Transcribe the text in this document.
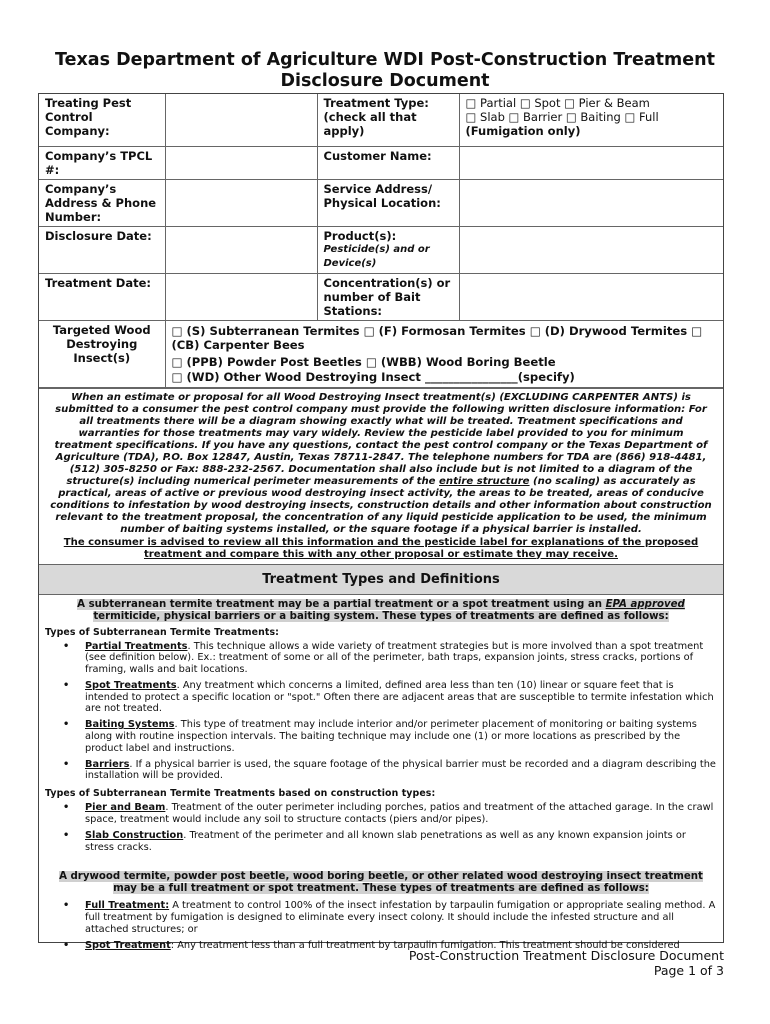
Texas Department of Agriculture WDI Post-Construction Treatment Disclosure Document
Treating Pest Control Company:		Treatment Type: (check all that apply)	□ Partial □ Spot □ Pier & Beam
□ Slab □ Barrier □ Baiting □ Full
(Fumigation only)

Company’s TPCL #:		Customer Name:	
Company’s Address & Phone Number:		Service Address/ Physical Location:	
Disclosure Date:		Product(s):
Pesticide(s) and or Device(s)	

Treatment Date:		Concentration(s) or number of Bait Stations:	
Targeted Wood Destroying Insect(s)	□ (S) Subterranean Termites □ (F) Formosan Termites □ (D) Drywood Termites □ (CB) Carpenter Bees
□ (PPB) Powder Post Beetles □ (WBB) Wood Boring Beetle
□ (WD) Other Wood Destroying Insect ________________(specify)		
When an estimate or proposal for all Wood Destroying Insect treatment(s) (EXCLUDING CARPENTER ANTS) is submitted to a consumer the pest control company must provide the following written disclosure information: For all treatments there will be a diagram showing exactly what will be treated. Treatment specifications and warranties for those treatments may vary widely. Review the pesticide label provided to you for minimum treatment specifications. If you have any questions, contact the pest control company or the Texas Department of Agriculture (TDA), P.O. Box 12847, Austin, Texas 78711-2847. The telephone numbers for TDA are (866) 918-4481, (512) 305-8250 or Fax: 888-232-2567. Documentation shall also include but is not limited to a diagram of the structure(s) including numerical perimeter measurements of the entire structure (no scaling) as accurately as practical, areas of active or previous wood destroying insect activity, the areas to be treated, areas of conducive conditions to infestation by wood destroying insects, construction details and other information about construction relevant to the treatment proposal, the concentration of any liquid pesticide application to be used, the minimum number of baiting systems installed, or the square footage if a physical barrier is installed.
The consumer is advised to review all this information and the pesticide label for explanations of the proposed treatment and compare this with any other proposal or estimate they may receive.
Treatment Types and Definitions
A subterranean termite treatment may be a partial treatment or a spot treatment using an EPA approved termiticide, physical barriers or a baiting system. These types of treatments are defined as follows:
Types of Subterranean Termite Treatments:
• Partial Treatments. This technique allows a wide variety of treatment strategies but is more involved than a spot treatment (see definition below). Ex.: treatment of some or all of the perimeter, bath traps, expansion joints, stress cracks, portions of framing, walls and bait locations.
• Spot Treatments. Any treatment which concerns a limited, defined area less than ten (10) linear or square feet that is intended to protect a specific location or "spot." Often there are adjacent areas that are susceptible to termite infestation which are not treated.
• Baiting Systems. This type of treatment may include interior and/or perimeter placement of monitoring or baiting systems along with routine inspection intervals. The baiting technique may include one (1) or more locations as prescribed by the product label and instructions.
• Barriers. If a physical barrier is used, the square footage of the physical barrier must be recorded and a diagram describing the installation will be provided.
Types of Subterranean Termite Treatments based on construction types:
• Pier and Beam. Treatment of the outer perimeter including porches, patios and treatment of the attached garage. In the crawl space, treatment would include any soil to structure contacts (piers and/or pipes).
• Slab Construction. Treatment of the perimeter and all known slab penetrations as well as any known expansion joints or stress cracks.
A drywood termite, powder post beetle, wood boring beetle, or other related wood destroying insect treatment may be a full treatment or spot treatment. These types of treatments are defined as follows:
• Full Treatment: A treatment to control 100% of the insect infestation by tarpaulin fumigation or appropriate sealing method. A full treatment by fumigation is designed to eliminate every insect colony. It should include the infested structure and all attached structures; or
• Spot Treatment: Any treatment less than a full treatment by tarpaulin fumigation. This treatment should be considered
Post-Construction Treatment Disclosure Document
Page 1 of 3
